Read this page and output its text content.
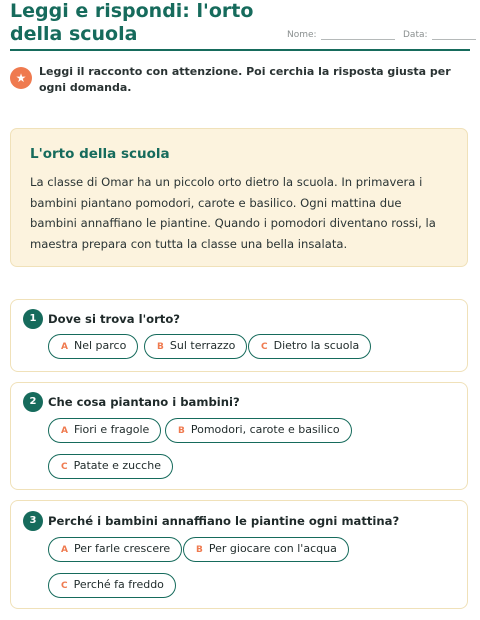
Leggi e rispondi: l'orto della scuola	Nome:	Data:
★	Leggi il racconto con attenzione. Poi cerchia la risposta giusta per ogni domanda.
L'orto della scuola

La classe di Omar ha un piccolo orto dietro la scuola. In primavera i bambini piantano pomodori, carote e basilico. Ogni mattina due bambini annaffiano le piantine. Quando i pomodori diventano rossi, la maestra prepara con tutta la classe una bella insalata.

1 Dove si trova l'orto?
A Nel parco	B Sul terrazzo	C Dietro la scuola
2 Che cosa piantano i bambini?
A Fiori e fragole	B Pomodori, carote e basilico
C Patate e zucche
3 Perché i bambini annaffiano le piantine ogni mattina?
A Per farle crescere	B Per giocare con l'acqua
C Perché fa freddo
